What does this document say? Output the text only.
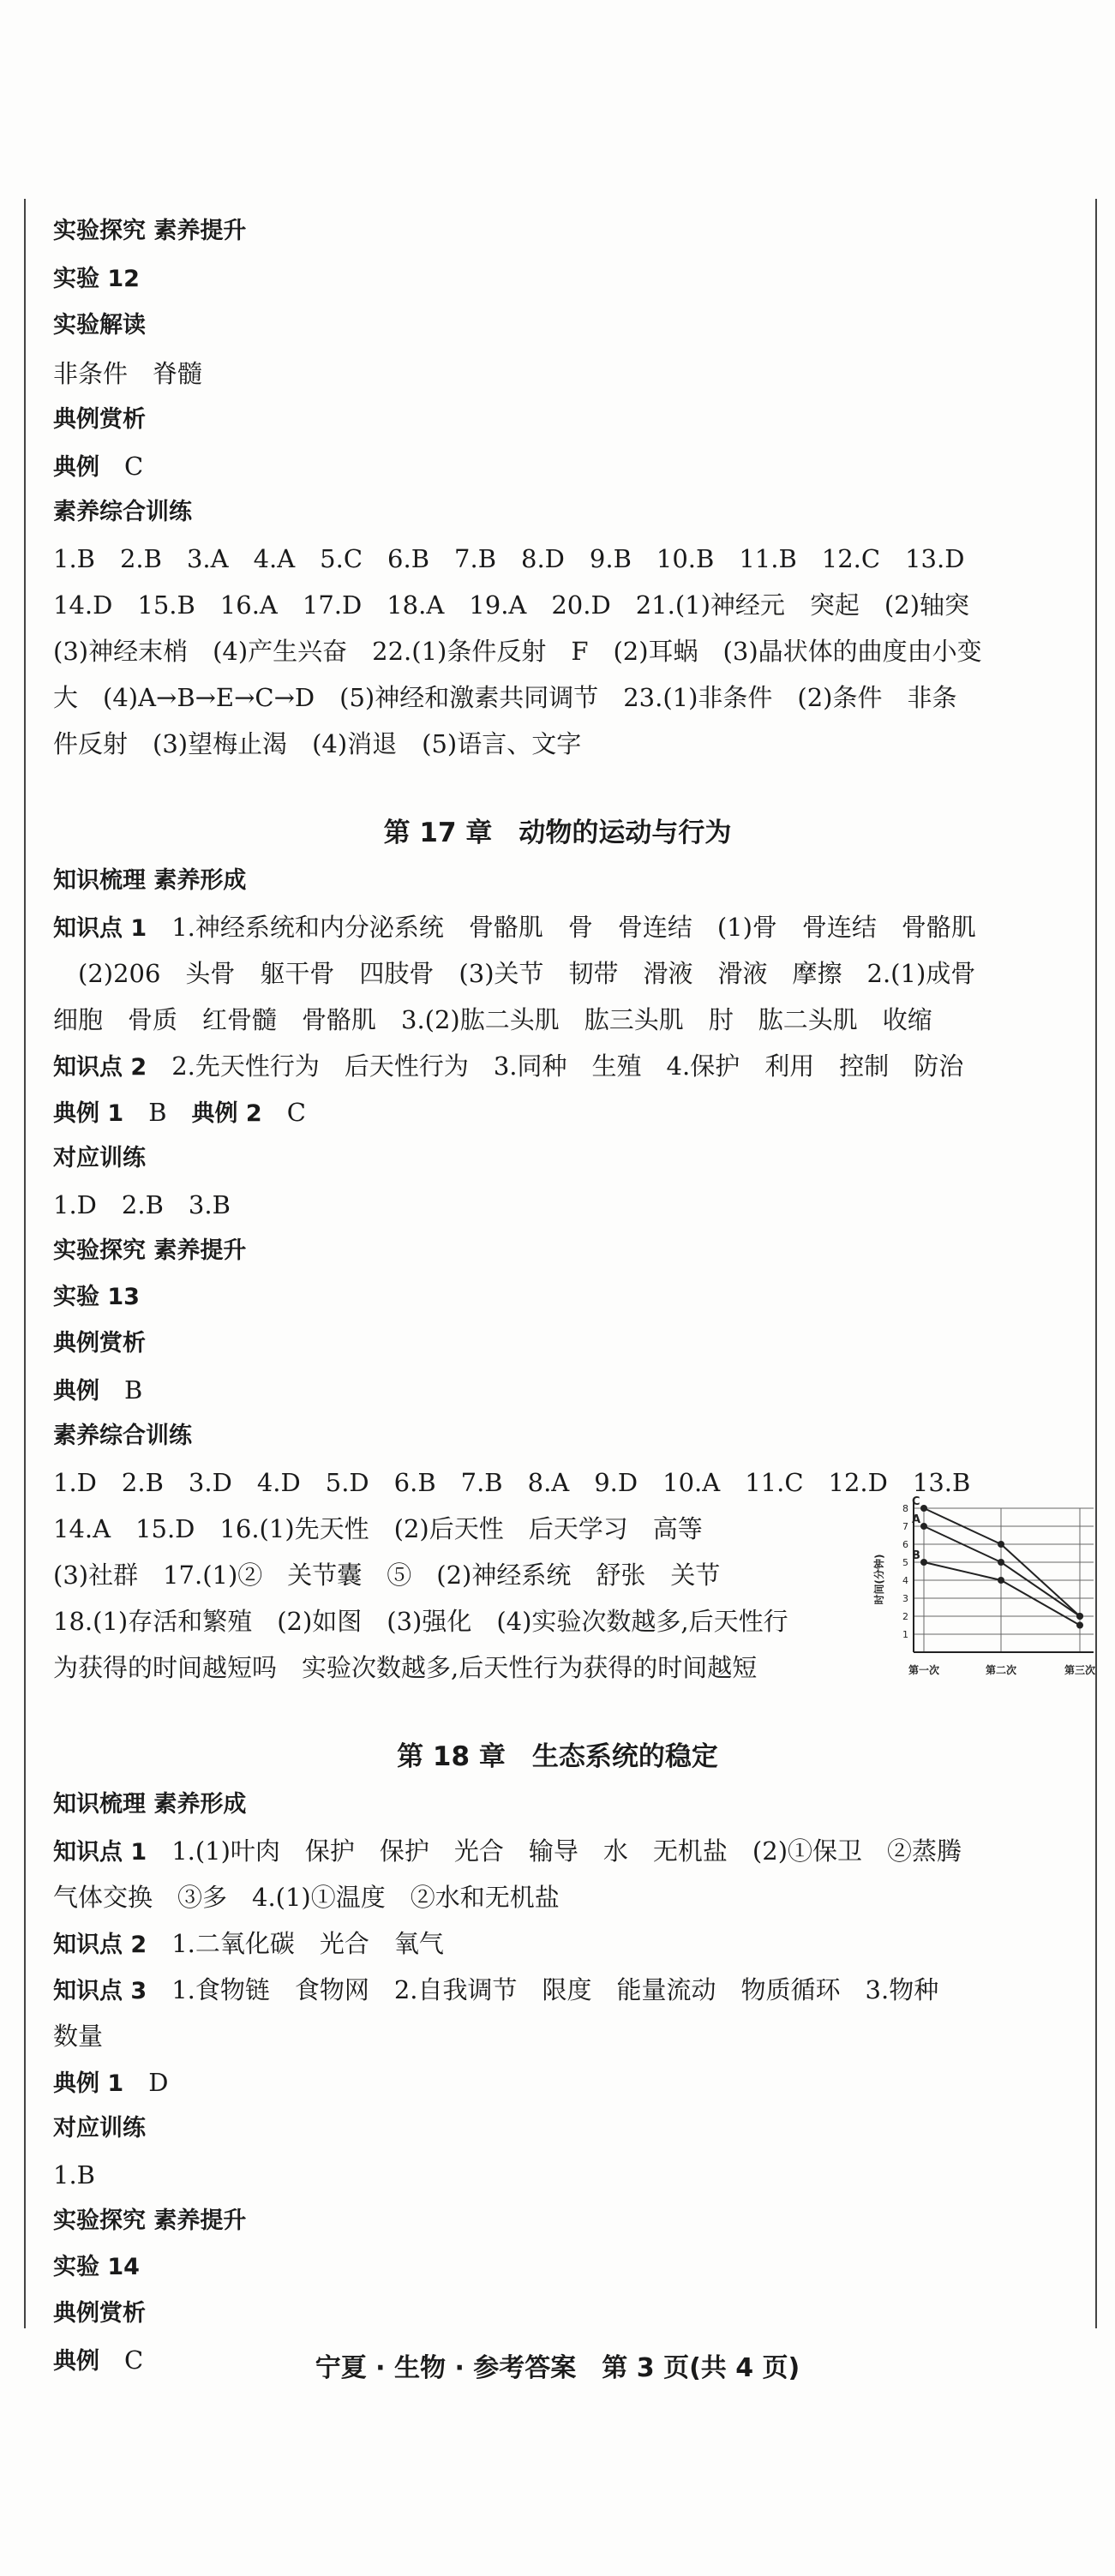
实验探究 素养提升
实验 12
实验解读
非条件　脊髓
典例赏析
典例　C
素养综合训练
1.B　2.B　3.A　4.A　5.C　6.B　7.B　8.D　9.B　10.B　11.B　12.C　13.D
14.D　15.B　16.A　17.D　18.A　19.A　20.D　21.(1)神经元　突起　(2)轴突
(3)神经末梢　(4)产生兴奋　22.(1)条件反射　F　(2)耳蜗　(3)晶状体的曲度由小变
大　(4)A→B→E→C→D　(5)神经和激素共同调节　23.(1)非条件　(2)条件　非条
件反射　(3)望梅止渴　(4)消退　(5)语言、文字
知识梳理 素养形成
知识点 1　1.神经系统和内分泌系统　骨骼肌　骨　骨连结　(1)骨　骨连结　骨骼肌
　(2)206　头骨　躯干骨　四肢骨　(3)关节　韧带　滑液　滑液　摩擦　2.(1)成骨
细胞　骨质　红骨髓　骨骼肌　3.(2)肱二头肌　肱三头肌　肘　肱二头肌　收缩
知识点 2　2.先天性行为　后天性行为　3.同种　生殖　4.保护　利用　控制　防治
典例 1　B　典例 2　C
对应训练
1.D　2.B　3.B
实验探究 素养提升
实验 13
典例赏析
典例　B
素养综合训练
1.D　2.B　3.D　4.D　5.D　6.B　7.B　8.A　9.D　10.A　11.C　12.D　13.B
14.A　15.D　16.(1)先天性　(2)后天性　后天学习　高等
(3)社群　17.(1)②　关节囊　⑤　(2)神经系统　舒张　关节
18.(1)存活和繁殖　(2)如图　(3)强化　(4)实验次数越多,后天性行
为获得的时间越短吗　实验次数越多,后天性行为获得的时间越短
知识梳理 素养形成
知识点 1　1.(1)叶肉　保护　保护　光合　输导　水　无机盐　(2)①保卫　②蒸腾
气体交换　③多　4.(1)①温度　②水和无机盐
知识点 2　1.二氧化碳　光合　氧气
知识点 3　1.食物链　食物网　2.自我调节　限度　能量流动　物质循环　3.物种
数量
典例 1　D
对应训练
1.B
实验探究 素养提升
实验 14
典例赏析
典例　C
第 17 章　动物的运动与行为
第 18 章　生态系统的稳定
1
2
3
4
5
6
7
8
时间(分钟)
第一次	第二次	第三次
C
A
B
宁夏 · 生物 · 参考答案　第 3 页(共 4 页)
